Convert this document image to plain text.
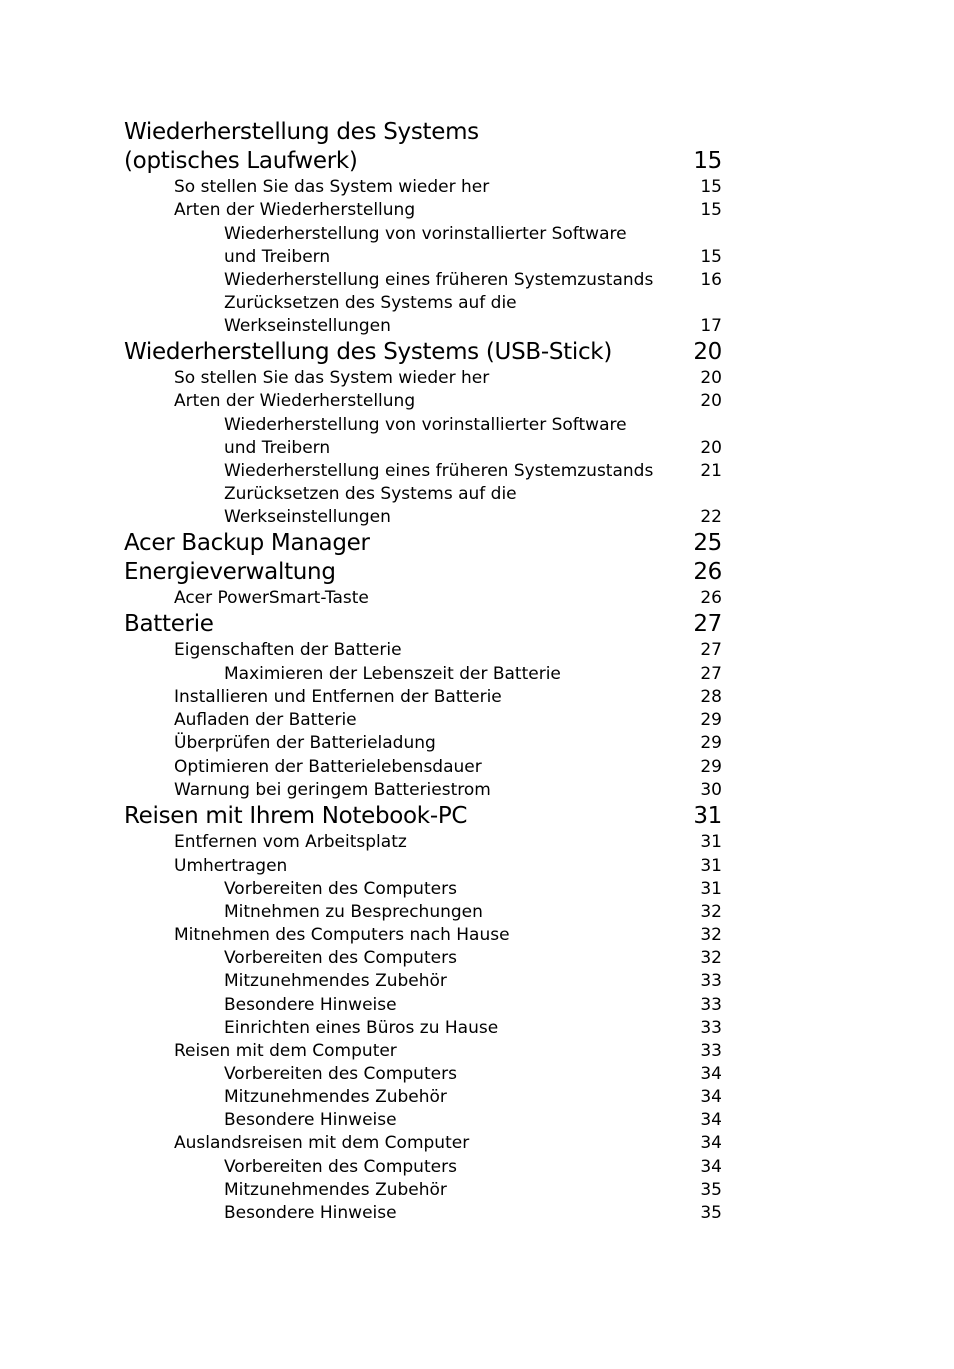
Wiederherstellung des Systems
(optisches Laufwerk)	15
So stellen Sie das System wieder her	15
Arten der Wiederherstellung	15
Wiederherstellung von vorinstallierter Software
und Treibern	15
Wiederherstellung eines früheren Systemzustands	16
Zurücksetzen des Systems auf die
Werkseinstellungen	17
Wiederherstellung des Systems (USB-Stick)	20
So stellen Sie das System wieder her	20
Arten der Wiederherstellung	20
Wiederherstellung von vorinstallierter Software
und Treibern	20
Wiederherstellung eines früheren Systemzustands	21
Zurücksetzen des Systems auf die
Werkseinstellungen	22
Acer Backup Manager	25
Energieverwaltung	26
Acer PowerSmart-Taste	26
Batterie	27
Eigenschaften der Batterie	27
Maximieren der Lebenszeit der Batterie	27
Installieren und Entfernen der Batterie	28
Aufladen der Batterie	29
Überprüfen der Batterieladung	29
Optimieren der Batterielebensdauer	29
Warnung bei geringem Batteriestrom	30
Reisen mit Ihrem Notebook-PC	31
Entfernen vom Arbeitsplatz	31
Umhertragen	31
Vorbereiten des Computers	31
Mitnehmen zu Besprechungen	32
Mitnehmen des Computers nach Hause	32
Vorbereiten des Computers	32
Mitzunehmendes Zubehör	33
Besondere Hinweise	33
Einrichten eines Büros zu Hause	33
Reisen mit dem Computer	33
Vorbereiten des Computers	34
Mitzunehmendes Zubehör	34
Besondere Hinweise	34
Auslandsreisen mit dem Computer	34
Vorbereiten des Computers	34
Mitzunehmendes Zubehör	35
Besondere Hinweise	35
